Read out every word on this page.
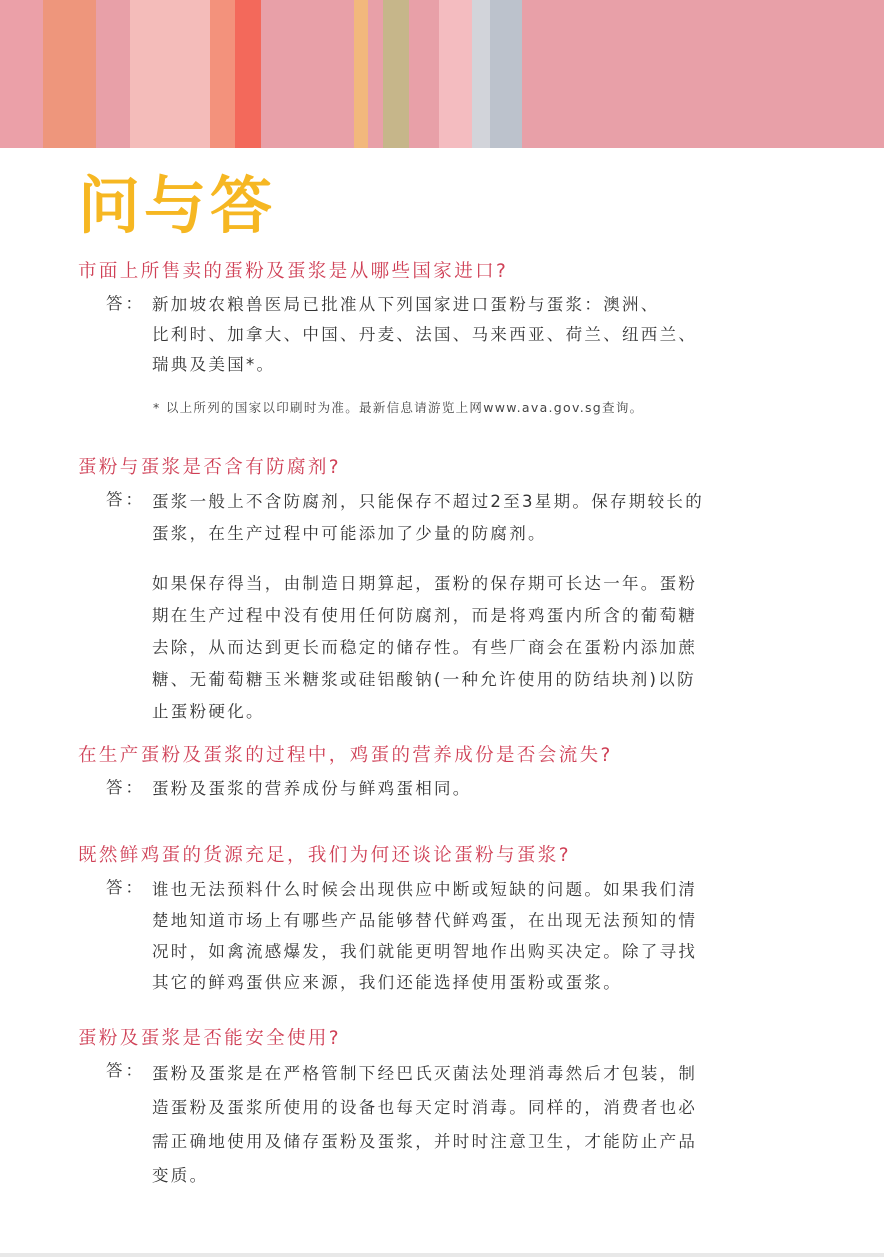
问与答
市面上所售卖的蛋粉及蛋浆是从哪些国家进口?
答： 新加坡农粮兽医局已批准从下列国家进口蛋粉与蛋浆：澳洲、
比利时、加拿大、中国、丹麦、法国、马来西亚、荷兰、纽西兰、
瑞典及美国*。

* 以上所列的国家以印刷时为准。最新信息请游览上网www.ava.gov.sg查询。
蛋粉与蛋浆是否含有防腐剂?
答： 蛋浆一般上不含防腐剂，只能保存不超过2至3星期。保存期较长的
蛋浆，在生产过程中可能添加了少量的防腐剂。

如果保存得当，由制造日期算起，蛋粉的保存期可长达一年。蛋粉
期在生产过程中没有使用任何防腐剂，而是将鸡蛋内所含的葡萄糖
去除，从而达到更长而稳定的储存性。有些厂商会在蛋粉内添加蔗
糖、无葡萄糖玉米糖浆或硅铝酸钠(一种允许使用的防结块剂)以防
止蛋粉硬化。

在生产蛋粉及蛋浆的过程中，鸡蛋的营养成份是否会流失?
答： 蛋粉及蛋浆的营养成份与鲜鸡蛋相同。

既然鲜鸡蛋的货源充足，我们为何还谈论蛋粉与蛋浆?
答： 谁也无法预料什么时候会出现供应中断或短缺的问题。如果我们清
楚地知道市场上有哪些产品能够替代鲜鸡蛋，在出现无法预知的情
况时，如禽流感爆发，我们就能更明智地作出购买决定。除了寻找
其它的鲜鸡蛋供应来源，我们还能选择使用蛋粉或蛋浆。

蛋粉及蛋浆是否能安全使用?
答： 蛋粉及蛋浆是在严格管制下经巴氏灭菌法处理消毒然后才包装，制
造蛋粉及蛋浆所使用的设备也每天定时消毒。同样的，消费者也必
需正确地使用及储存蛋粉及蛋浆，并时时注意卫生，才能防止产品
变质。
